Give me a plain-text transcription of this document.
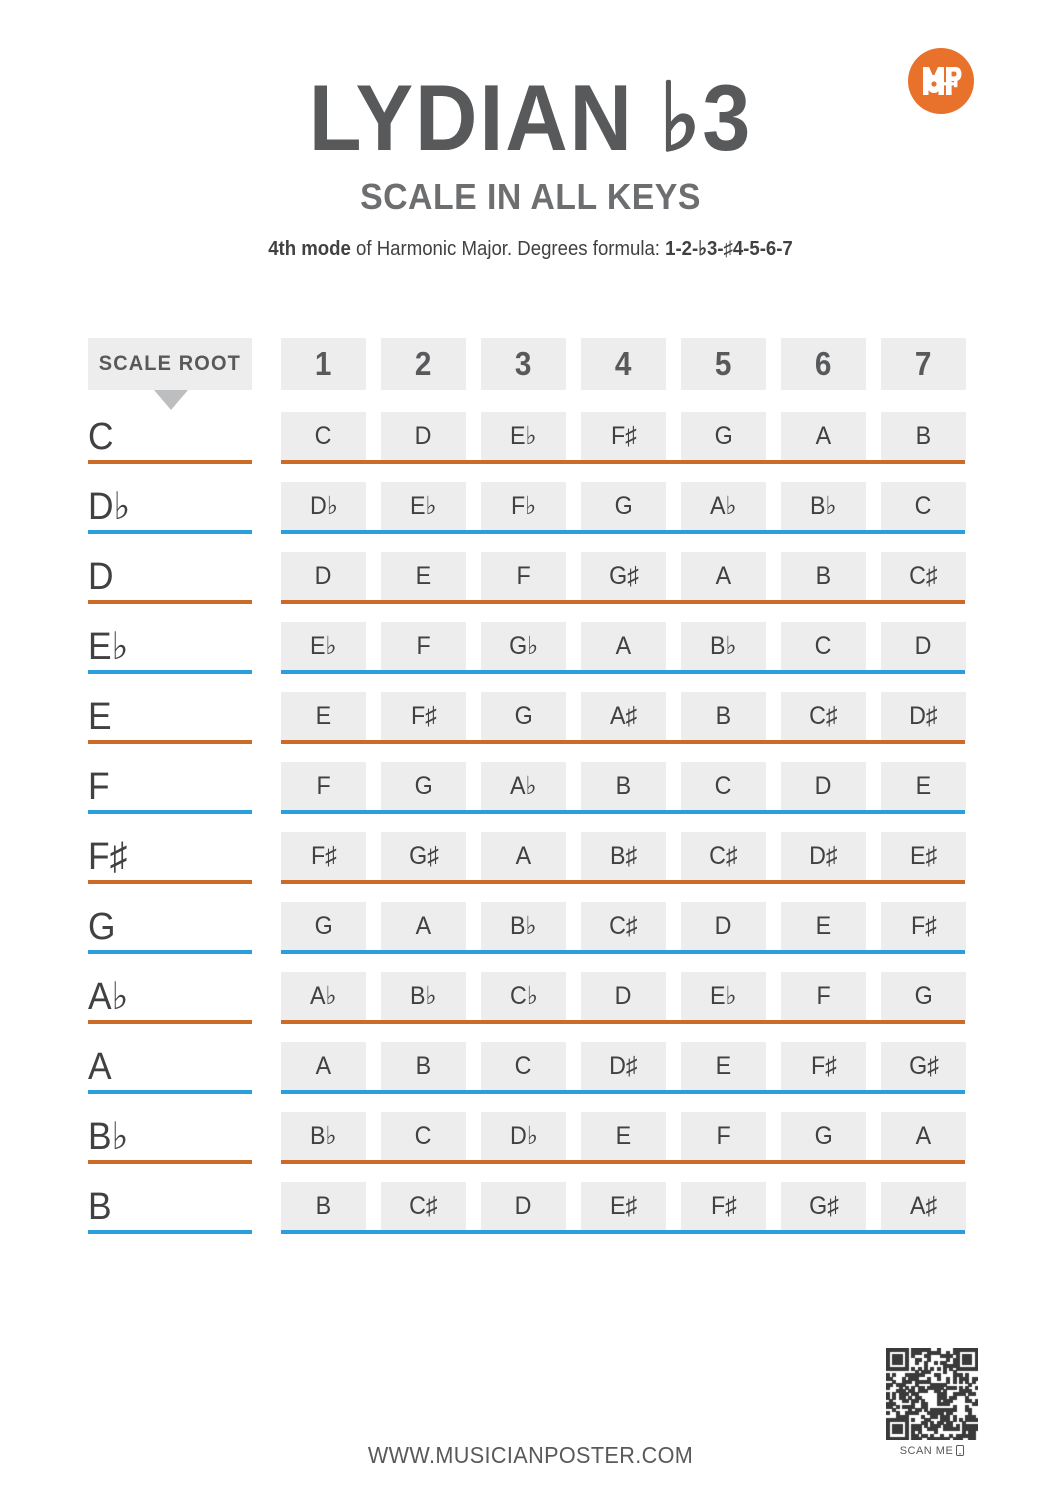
LYDIAN ♭3
SCALE IN ALL KEYS

4th mode of Harmonic Major. Degrees formula: 1-2-♭3-♯4-5-6-7

SCALE ROOT 1	2	3	4	5	6	7
C	C	D	E♭	F♯	G	A	B
D♭	D♭	E♭	F♭	G	A♭	B♭	C
D	D	E	F	G♯	A	B	C♯
E♭	E♭	F	G♭	A	B♭	C	D
E	E	F♯	G	A♯	B	C♯	D♯
F	F	G	A♭	B	C	D	E
F♯	F♯	G♯	A	B♯	C♯	D♯	E♯
G	G	A	B♭	C♯	D	E	F♯
A♭	A♭	B♭	C♭	D	E♭	F	G
A	A	B	C	D♯	E	F♯	G♯
B♭	B♭	C	D♭	E	F	G	A
B	B	C♯	D	E♯	F♯	G♯	A♯
WWW.MUSICIANPOSTER.COM	SCAN ME
